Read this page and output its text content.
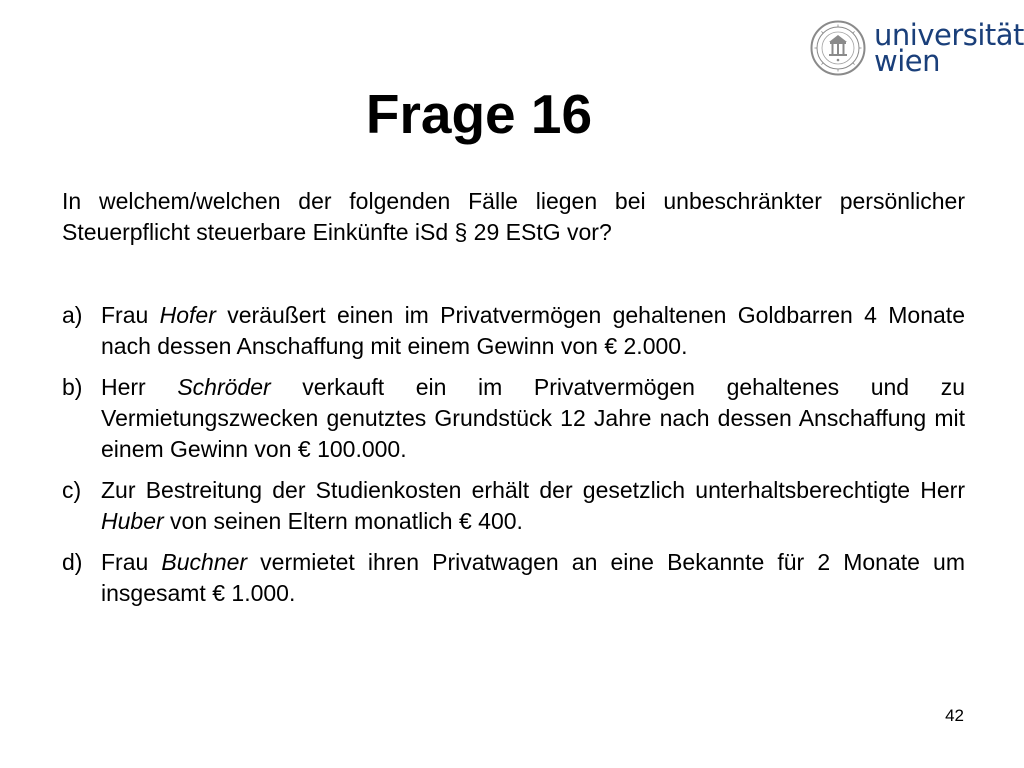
universität
wien
Frage 16

In welchem/welchen der folgenden Fälle liegen bei unbeschränkter persönlicher Steuerpflicht steuerbare Einkünfte iSd § 29 EStG vor?

a) Frau Hofer veräußert einen im Privatvermögen gehaltenen Goldbarren 4 Monate nach dessen Anschaffung mit einem Gewinn von € 2.000.
b) Herr Schröder verkauft ein im Privatvermögen gehaltenes und zu Vermietungszwecken genutztes Grundstück 12 Jahre nach dessen Anschaffung mit einem Gewinn von € 100.000.
c) Zur Bestreitung der Studienkosten erhält der gesetzlich unterhaltsberechtigte Herr Huber von seinen Eltern monatlich € 400.
d) Frau Buchner vermietet ihren Privatwagen an eine Bekannte für 2 Monate um insgesamt € 1.000.
42
